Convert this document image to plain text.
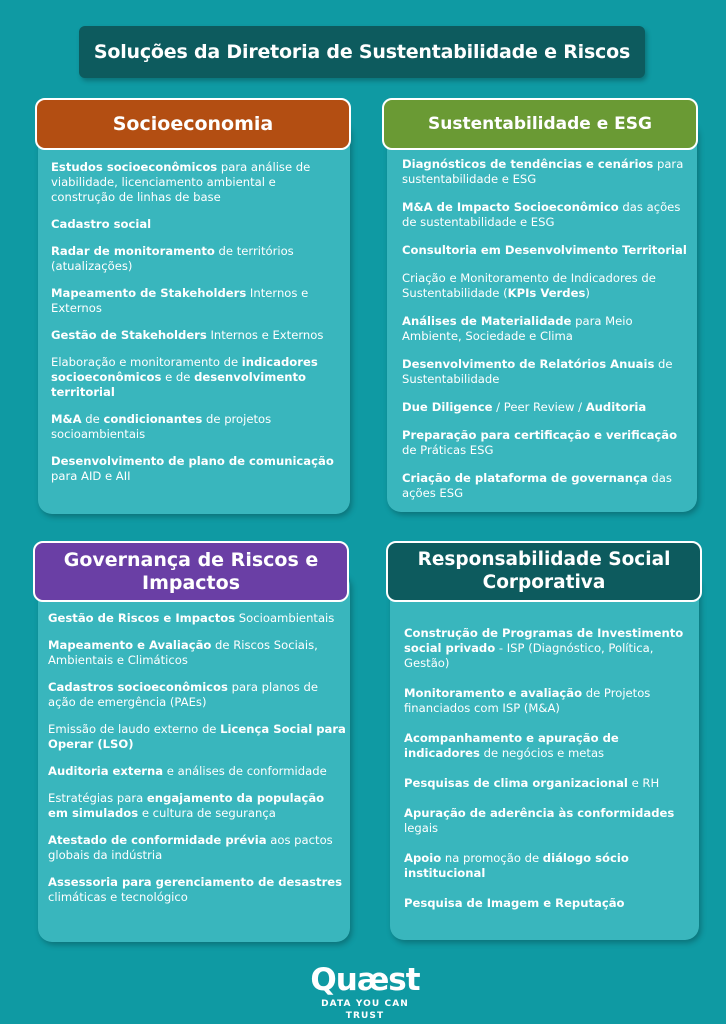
Soluções da Diretoria de Sustentabilidade e Riscos
Socioeconomia
Estudos socioeconômicos para análise de viabilidade, licenciamento ambiental e construção de linhas de base
Cadastro social
Radar de monitoramento de territórios (atualizações)
Mapeamento de Stakeholders Internos e Externos
Gestão de Stakeholders Internos e Externos
Elaboração e monitoramento de indicadores socioeconômicos e de desenvolvimento territorial
M&A de condicionantes de projetos socioambientais
Desenvolvimento de plano de comunicação para AID e AII
Sustentabilidade e ESG
Diagnósticos de tendências e cenários para sustentabilidade e ESG
M&A de Impacto Socioeconômico das ações de sustentabilidade e ESG
Consultoria em Desenvolvimento Territorial
Criação e Monitoramento de Indicadores de Sustentabilidade (KPIs Verdes)
Análises de Materialidade para Meio Ambiente, Sociedade e Clima
Desenvolvimento de Relatórios Anuais de Sustentabilidade
Due Diligence / Peer Review / Auditoria
Preparação para certificação e verificação de Práticas ESG
Criação de plataforma de governança das ações ESG
Governança de Riscos e Impactos
Gestão de Riscos e Impactos Socioambientais
Mapeamento e Avaliação de Riscos Sociais, Ambientais e Climáticos
Cadastros socioeconômicos para planos de ação de emergência (PAEs)
Emissão de laudo externo de Licença Social para Operar (LSO)
Auditoria externa e análises de conformidade
Estratégias para engajamento da população em simulados e cultura de segurança
Atestado de conformidade prévia aos pactos globais da indústria
Assessoria para gerenciamento de desastres climáticas e tecnológico
Responsabilidade Social Corporativa
Construção de Programas de Investimento social privado - ISP (Diagnóstico, Política, Gestão)
Monitoramento e avaliação de Projetos financiados com ISP (M&A)
Acompanhamento e apuração de indicadores de negócios e metas
Pesquisas de clima organizacional e RH
Apuração de aderência às conformidades legais
Apoio na promoção de diálogo sócio institucional
Pesquisa de Imagem e Reputação
Quæst
DATA YOU CAN TRUST
